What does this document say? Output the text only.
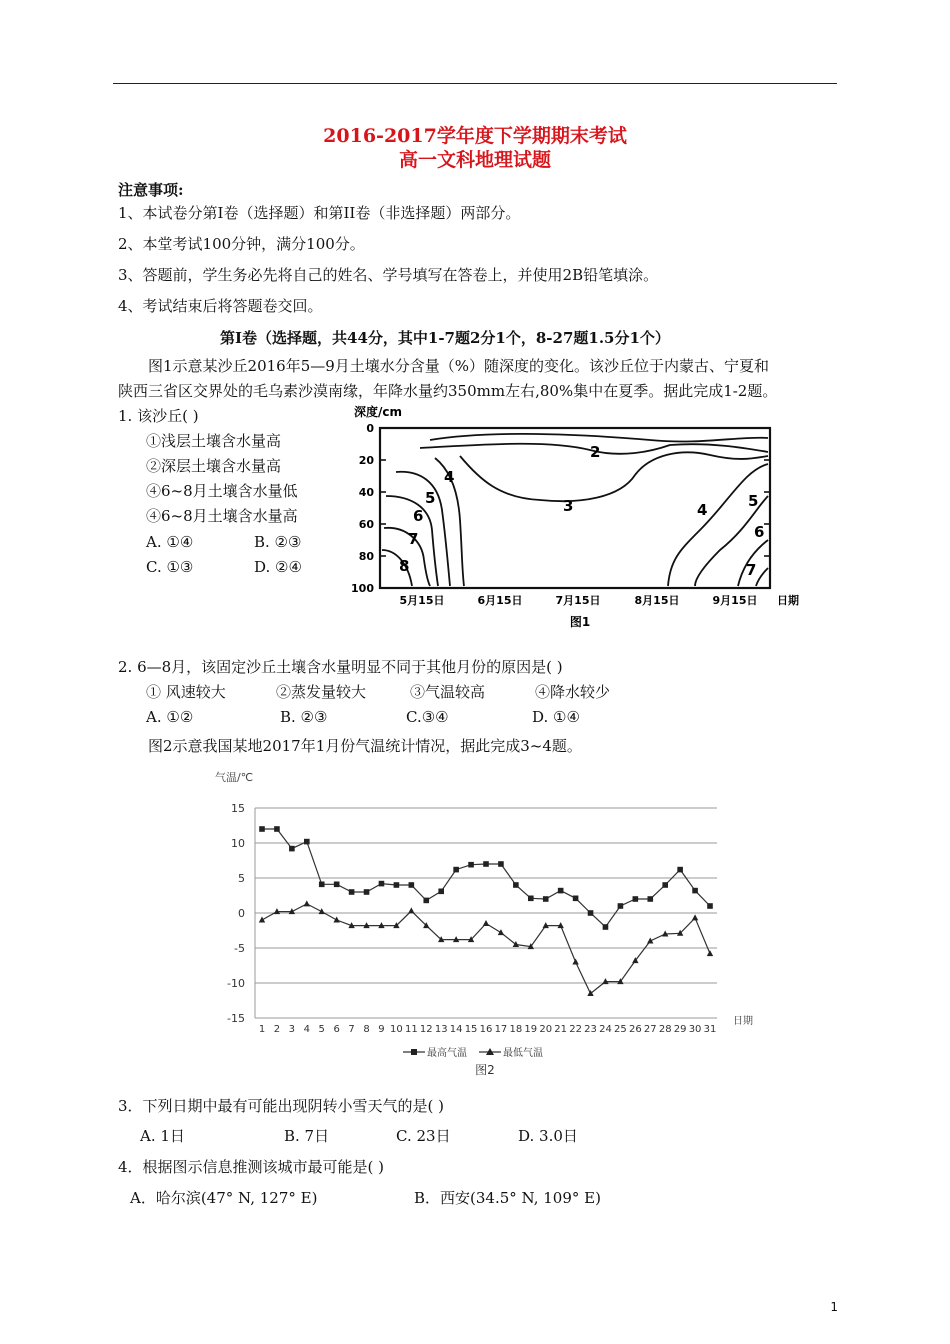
2016-2017学年度下学期期末考试
高一文科地理试题
注意事项:
1、本试卷分第Ⅰ卷（选择题）和第II卷（非选择题）两部分。
2、本堂考试100分钟，满分100分。
3、答题前，学生务必先将自己的姓名、学号填写在答卷上，并使用2B铅笔填涂。
4、考试结束后将答题卷交回。
第Ⅰ卷（选择题，共44分，其中1-7题2分1个，8-27题1.5分1个）
图1示意某沙丘2016年5—9月土壤水分含量（%）随深度的变化。该沙丘位于内蒙古、宁夏和
陕西三省区交界处的毛乌素沙漠南缘，年降水量约350mm左右,80%集中在夏季。据此完成1-2题。
1. 该沙丘( )
①浅层土壤含水量高
②深层土壤含水量高
④6~8月土壤含水量低
④6~8月土壤含水量高
A. ①④	B. ②③
C. ①③	D. ②④
深度/cm
0
20
40
60
80
100
2
3
4
5
6
7
8
4	5
6
7
5月15日	6月15日	7月15日	8月15日	9月15日 日期
图1
2. 6—8月，该固定沙丘土壤含水量明显不同于其他月份的原因是( )
① 风速较大	②蒸发量较大	③气温较高	④降水较少
A. ①②	B. ②③	C.③④	D. ①④
图2示意我国某地2017年1月份气温统计情况，据此完成3~4题。
气温/℃
15
10
5
0
-5
-10
-15
1 2 3 4 5 6 7 8 9 10 11 12 13 14 15 16 17 18 19 20 21 22 23 24 25 26 27 28 29 30 31
日期
最高气温	最低气温
图2
3．下列日期中最有可能出现阴转小雪天气的是( )
A. 1日	B. 7日	C. 23日	D. 3.0日
4．根据图示信息推测该城市最可能是( )
A．哈尔滨(47° N, 127° E)	B．西安(34.5° N, 109° E)
1
